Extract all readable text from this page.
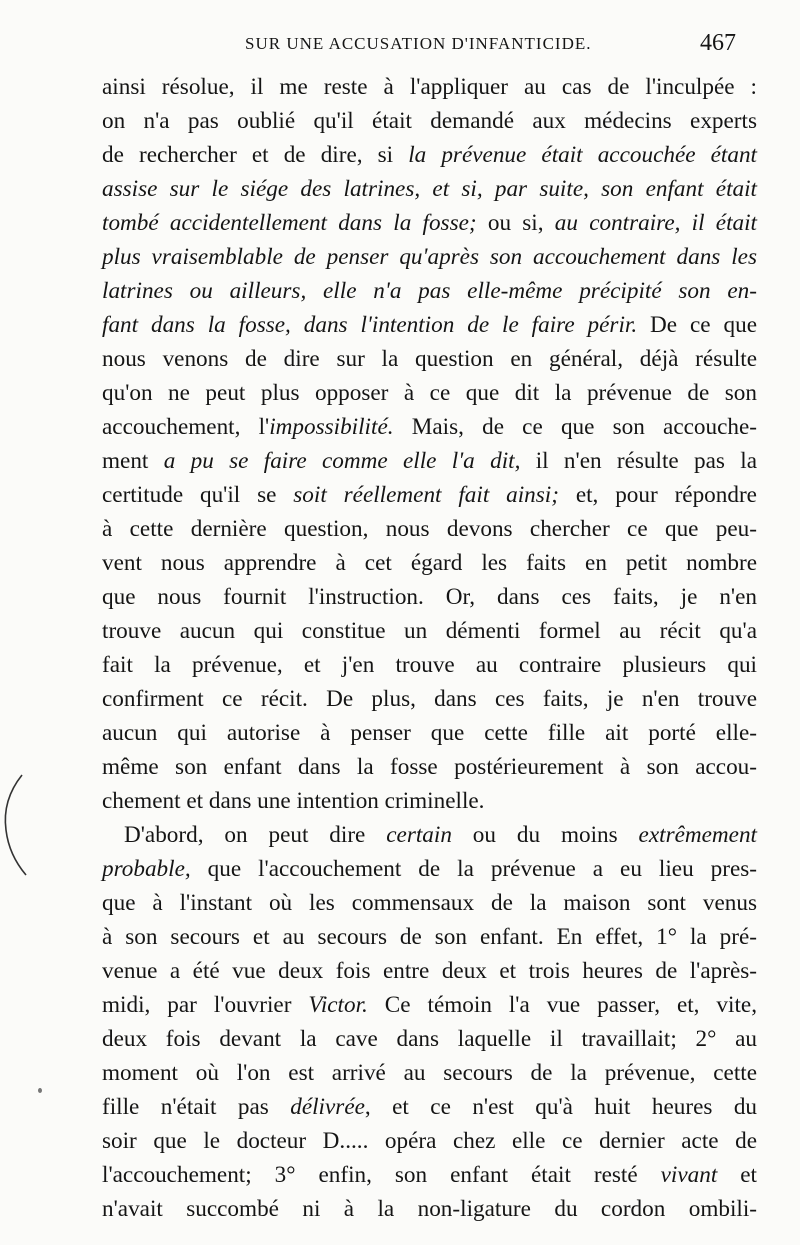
SUR UNE ACCUSATION D'INFANTICIDE.	467
ainsi résolue, il me reste à l'appliquer au cas de l'inculpée :
on n'a pas oublié qu'il était demandé aux médecins experts
de rechercher et de dire, si la prévenue était accouchée étant
assise sur le siége des latrines, et si, par suite, son enfant était
tombé accidentellement dans la fosse; ou si, au contraire, il était
plus vraisemblable de penser qu'après son accouchement dans les
latrines ou ailleurs, elle n'a pas elle-même précipité son en-
fant dans la fosse, dans l'intention de le faire périr. De ce que
nous venons de dire sur la question en général, déjà résulte
qu'on ne peut plus opposer à ce que dit la prévenue de son
accouchement, l'impossibilité. Mais, de ce que son accouche-
ment a pu se faire comme elle l'a dit, il n'en résulte pas la
certitude qu'il se soit réellement fait ainsi; et, pour répondre
à cette dernière question, nous devons chercher ce que peu-
vent nous apprendre à cet égard les faits en petit nombre
que nous fournit l'instruction. Or, dans ces faits, je n'en
trouve aucun qui constitue un démenti formel au récit qu'a
fait la prévenue, et j'en trouve au contraire plusieurs qui
confirment ce récit. De plus, dans ces faits, je n'en trouve
aucun qui autorise à penser que cette fille ait porté elle-
même son enfant dans la fosse postérieurement à son accou-
chement et dans une intention criminelle.
D'abord, on peut dire certain ou du moins extrêmement
probable, que l'accouchement de la prévenue a eu lieu pres-
que à l'instant où les commensaux de la maison sont venus
à son secours et au secours de son enfant. En effet, 1° la pré-
venue a été vue deux fois entre deux et trois heures de l'après-
midi, par l'ouvrier Victor. Ce témoin l'a vue passer, et, vite,
deux fois devant la cave dans laquelle il travaillait; 2° au
moment où l'on est arrivé au secours de la prévenue, cette
fille n'était pas délivrée, et ce n'est qu'à huit heures du
soir que le docteur D..... opéra chez elle ce dernier acte de
l'accouchement; 3° enfin, son enfant était resté vivant et
n'avait succombé ni à la non-ligature du cordon ombili-
